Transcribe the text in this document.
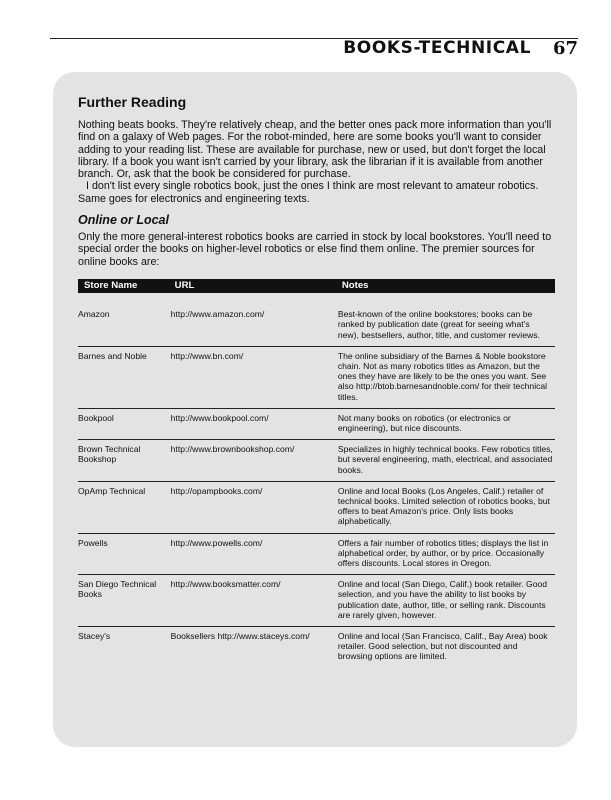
BOOKS-TECHNICAL 67
Further Reading

Nothing beats books. They're relatively cheap, and the better ones pack more information than you'll find on a galaxy of Web pages. For the robot-minded, here are some books you'll want to consider adding to your reading list. These are available for purchase, new or used, but don't forget the local library. If a book you want isn't carried by your library, ask the librarian if it is available from another branch. Or, ask that the book be considered for purchase.

I don't list every single robotics book, just the ones I think are most relevant to amateur robotics. Same goes for electronics and engineering texts.

Online or Local

Only the more general-interest robotics books are carried in stock by local bookstores. You'll need to special order the books on higher-level robotics or else find them online. The premier sources for online books are:

Store Name	URL	Notes
Amazon	http://www.amazon.com/	Best-known of the online bookstores; books can be ranked by publication date (great for seeing what's new), bestsellers, author, title, and customer reviews.
Barnes and Noble	http://www.bn.com/	The online subsidiary of the Barnes & Noble bookstore chain. Not as many robotics titles as Amazon, but the ones they have are likely to be the ones you want. See also http://btob.barnesandnoble.com/ for their technical titles.
Bookpool	http://www.bookpool.com/	Not many books on robotics (or electronics or engineering), but nice discounts.
Brown Technical Bookshop	http://www.brownbookshop.com/	Specializes in highly technical books. Few robotics titles, but several engineering, math, electrical, and associated books.
OpAmp Technical	http://opampbooks.com/	Online and local Books (Los Angeles, Calif.) retailer of technical books. Limited selection of robotics books, but offers to beat Amazon's price. Only lists books alphabetically.
Powells	http://www.powells.com/	Offers a fair number of robotics titles; displays the list in alphabetical order, by author, or by price. Occasionally offers discounts. Local stores in Oregon.
San Diego Technical Books	http://www.booksmatter.com/	Online and local (San Diego, Calif.) book retailer. Good selection, and you have the ability to list books by publication date, author, title, or selling rank. Discounts are rarely given, however.
Stacey's	Booksellers http://www.staceys.com/	Online and local (San Francisco, Calif., Bay Area) book retailer. Good selection, but not discounted and browsing options are limited.
